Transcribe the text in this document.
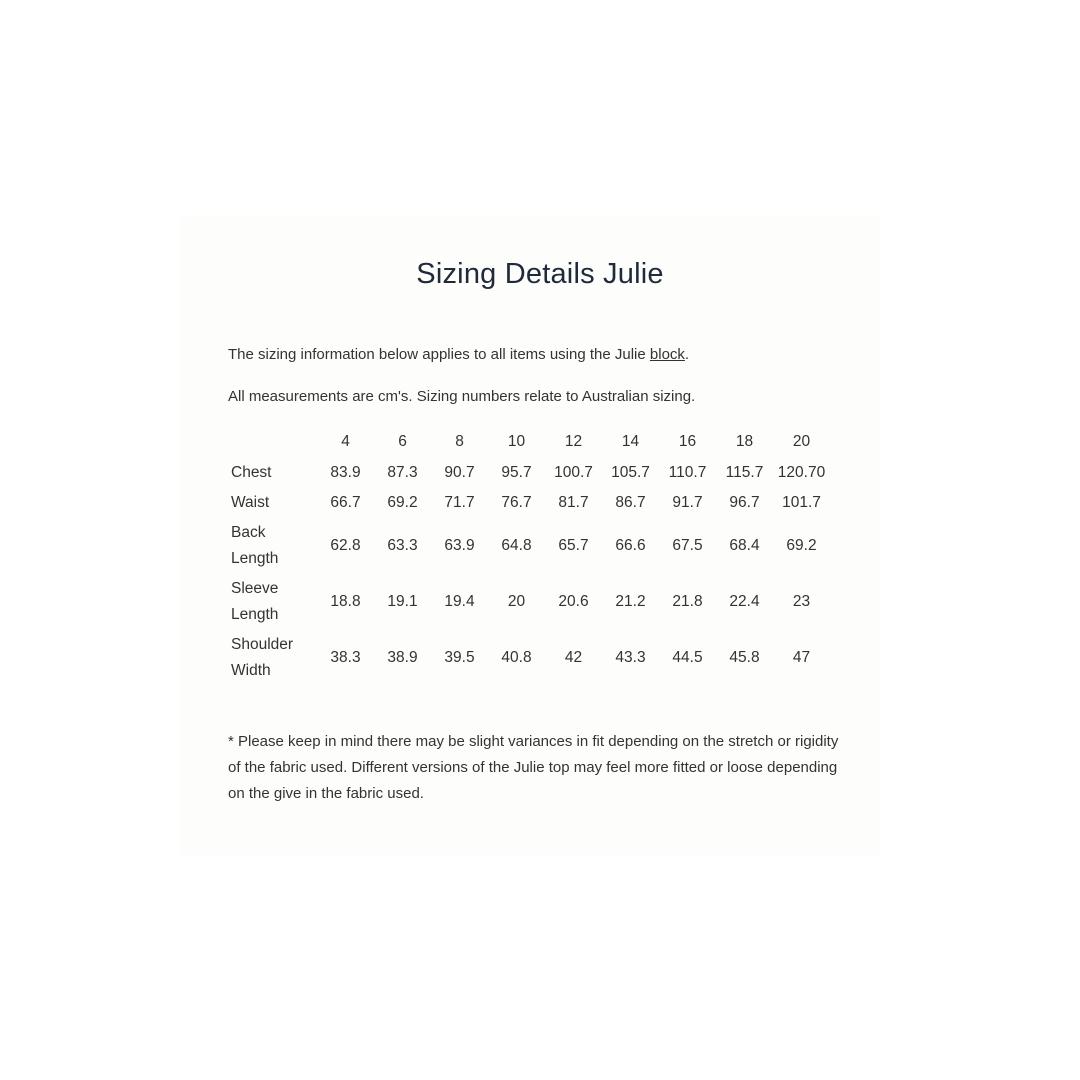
Sizing Details Julie

The sizing information below applies to all items using the Julie block.

All measurements are cm's. Sizing numbers relate to Australian sizing.

	4	6	8	10	12	14	16	18	20
Chest	83.9	87.3	90.7	95.7	100.7	105.7	110.7	115.7	120.70
Waist	66.7	69.2	71.7	76.7	81.7	86.7	91.7	96.7	101.7
Back
Length	62.8	63.3	63.9	64.8	65.7	66.6	67.5	68.4	69.2
Sleeve
Length	18.8	19.1	19.4	20	20.6	21.2	21.8	22.4	23
Shoulder
Width	38.3	38.9	39.5	40.8	42	43.3	44.5	45.8	47

* Please keep in mind there may be slight variances in fit depending on the stretch or rigidity of the fabric used. Different versions of the Julie top may feel more fitted or loose depending on the give in the fabric used.
